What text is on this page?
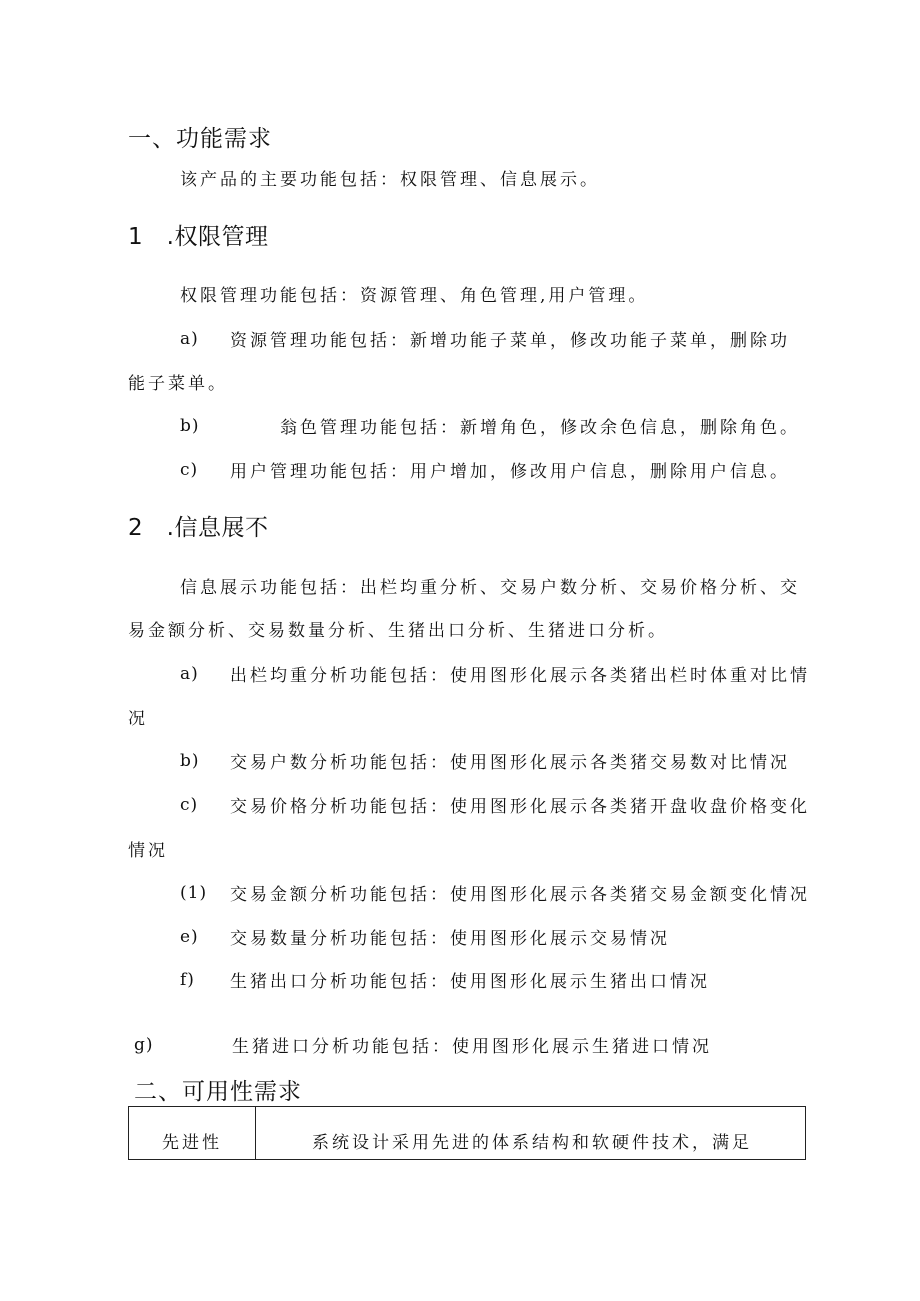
一、功能需求
该产品的主要功能包括：权限管理、信息展示。
1 .权限管理
权限管理功能包括：资源管理、角色管理,用户管理。
a) 资源管理功能包括：新增功能子菜单，修改功能子菜单，删除功
能子菜单。
b)	翁色管理功能包括：新增角色，修改余色信息，删除角色。
c) 用户管理功能包括：用户增加，修改用户信息，删除用户信息。
2 .信息展不
信息展示功能包括：出栏均重分析、交易户数分析、交易价格分析、交
易金额分析、交易数量分析、生猪出口分析、生猪进口分析。
a) 出栏均重分析功能包括：使用图形化展示各类猪出栏时体重对比情
况
b) 交易户数分析功能包括：使用图形化展示各类猪交易数对比情况
c) 交易价格分析功能包括：使用图形化展示各类猪开盘收盘价格变化
情况
(1) 交易金额分析功能包括：使用图形化展示各类猪交易金额变化情况
e) 交易数量分析功能包括：使用图形化展示交易情况
f) 生猪出口分析功能包括：使用图形化展示生猪出口情况
g)	生猪进口分析功能包括：使用图形化展示生猪进口情况
二、可用性需求
先进性	系统设计采用先进的体系结构和软硬件技术，满足
